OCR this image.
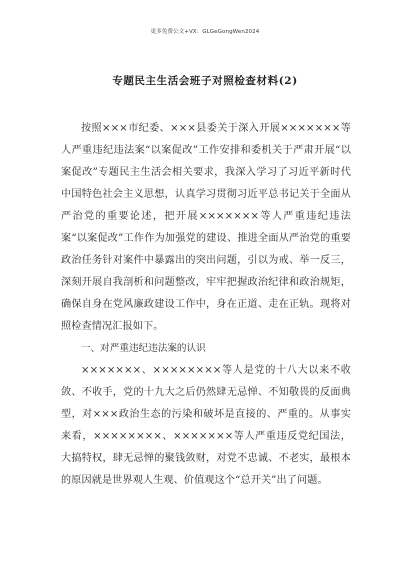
更多免费公文+VX：GLGeGongWen2024
专题民主生活会班子对照检查材料(2)

按照×××市纪委、×××县委关于深入开展×××××××等人严重违纪违法案“以案促改”工作安排和委机关于严肃开展“以案促改”专题民主生活会相关要求，我深入学习了习近平新时代中国特色社会主义思想，认真学习贯彻习近平总书记关于全面从严治党的重要论述，把开展×××××××等人严重违纪违法案“以案促改”工作作为加强党的建设、推进全面从严治党的重要政治任务针对案件中暴露出的突出问题，引以为戒、举一反三，深刻开展自我剖析和问题整改，牢牢把握政治纪律和政治规矩，确保自身在党风廉政建设工作中，身在正道、走在正轨。现将对照检查情况汇报如下。

一、对严重违纪违法案的认识

×××××××、××××××××等人是党的十八大以来不收敛、不收手，党的十九大之后仍然肆无忌惮、不知敬畏的反面典型，对×××政治生态的污染和破坏是直接的、严重的。从事实来看，××××××××、×××××××等人严重违反党纪国法，大搞特权，肆无忌惮的聚钱敛财，对党不忠诚、不老实，最根本的原因就是世界观人生观、价值观这个“总开关”出了问题。
